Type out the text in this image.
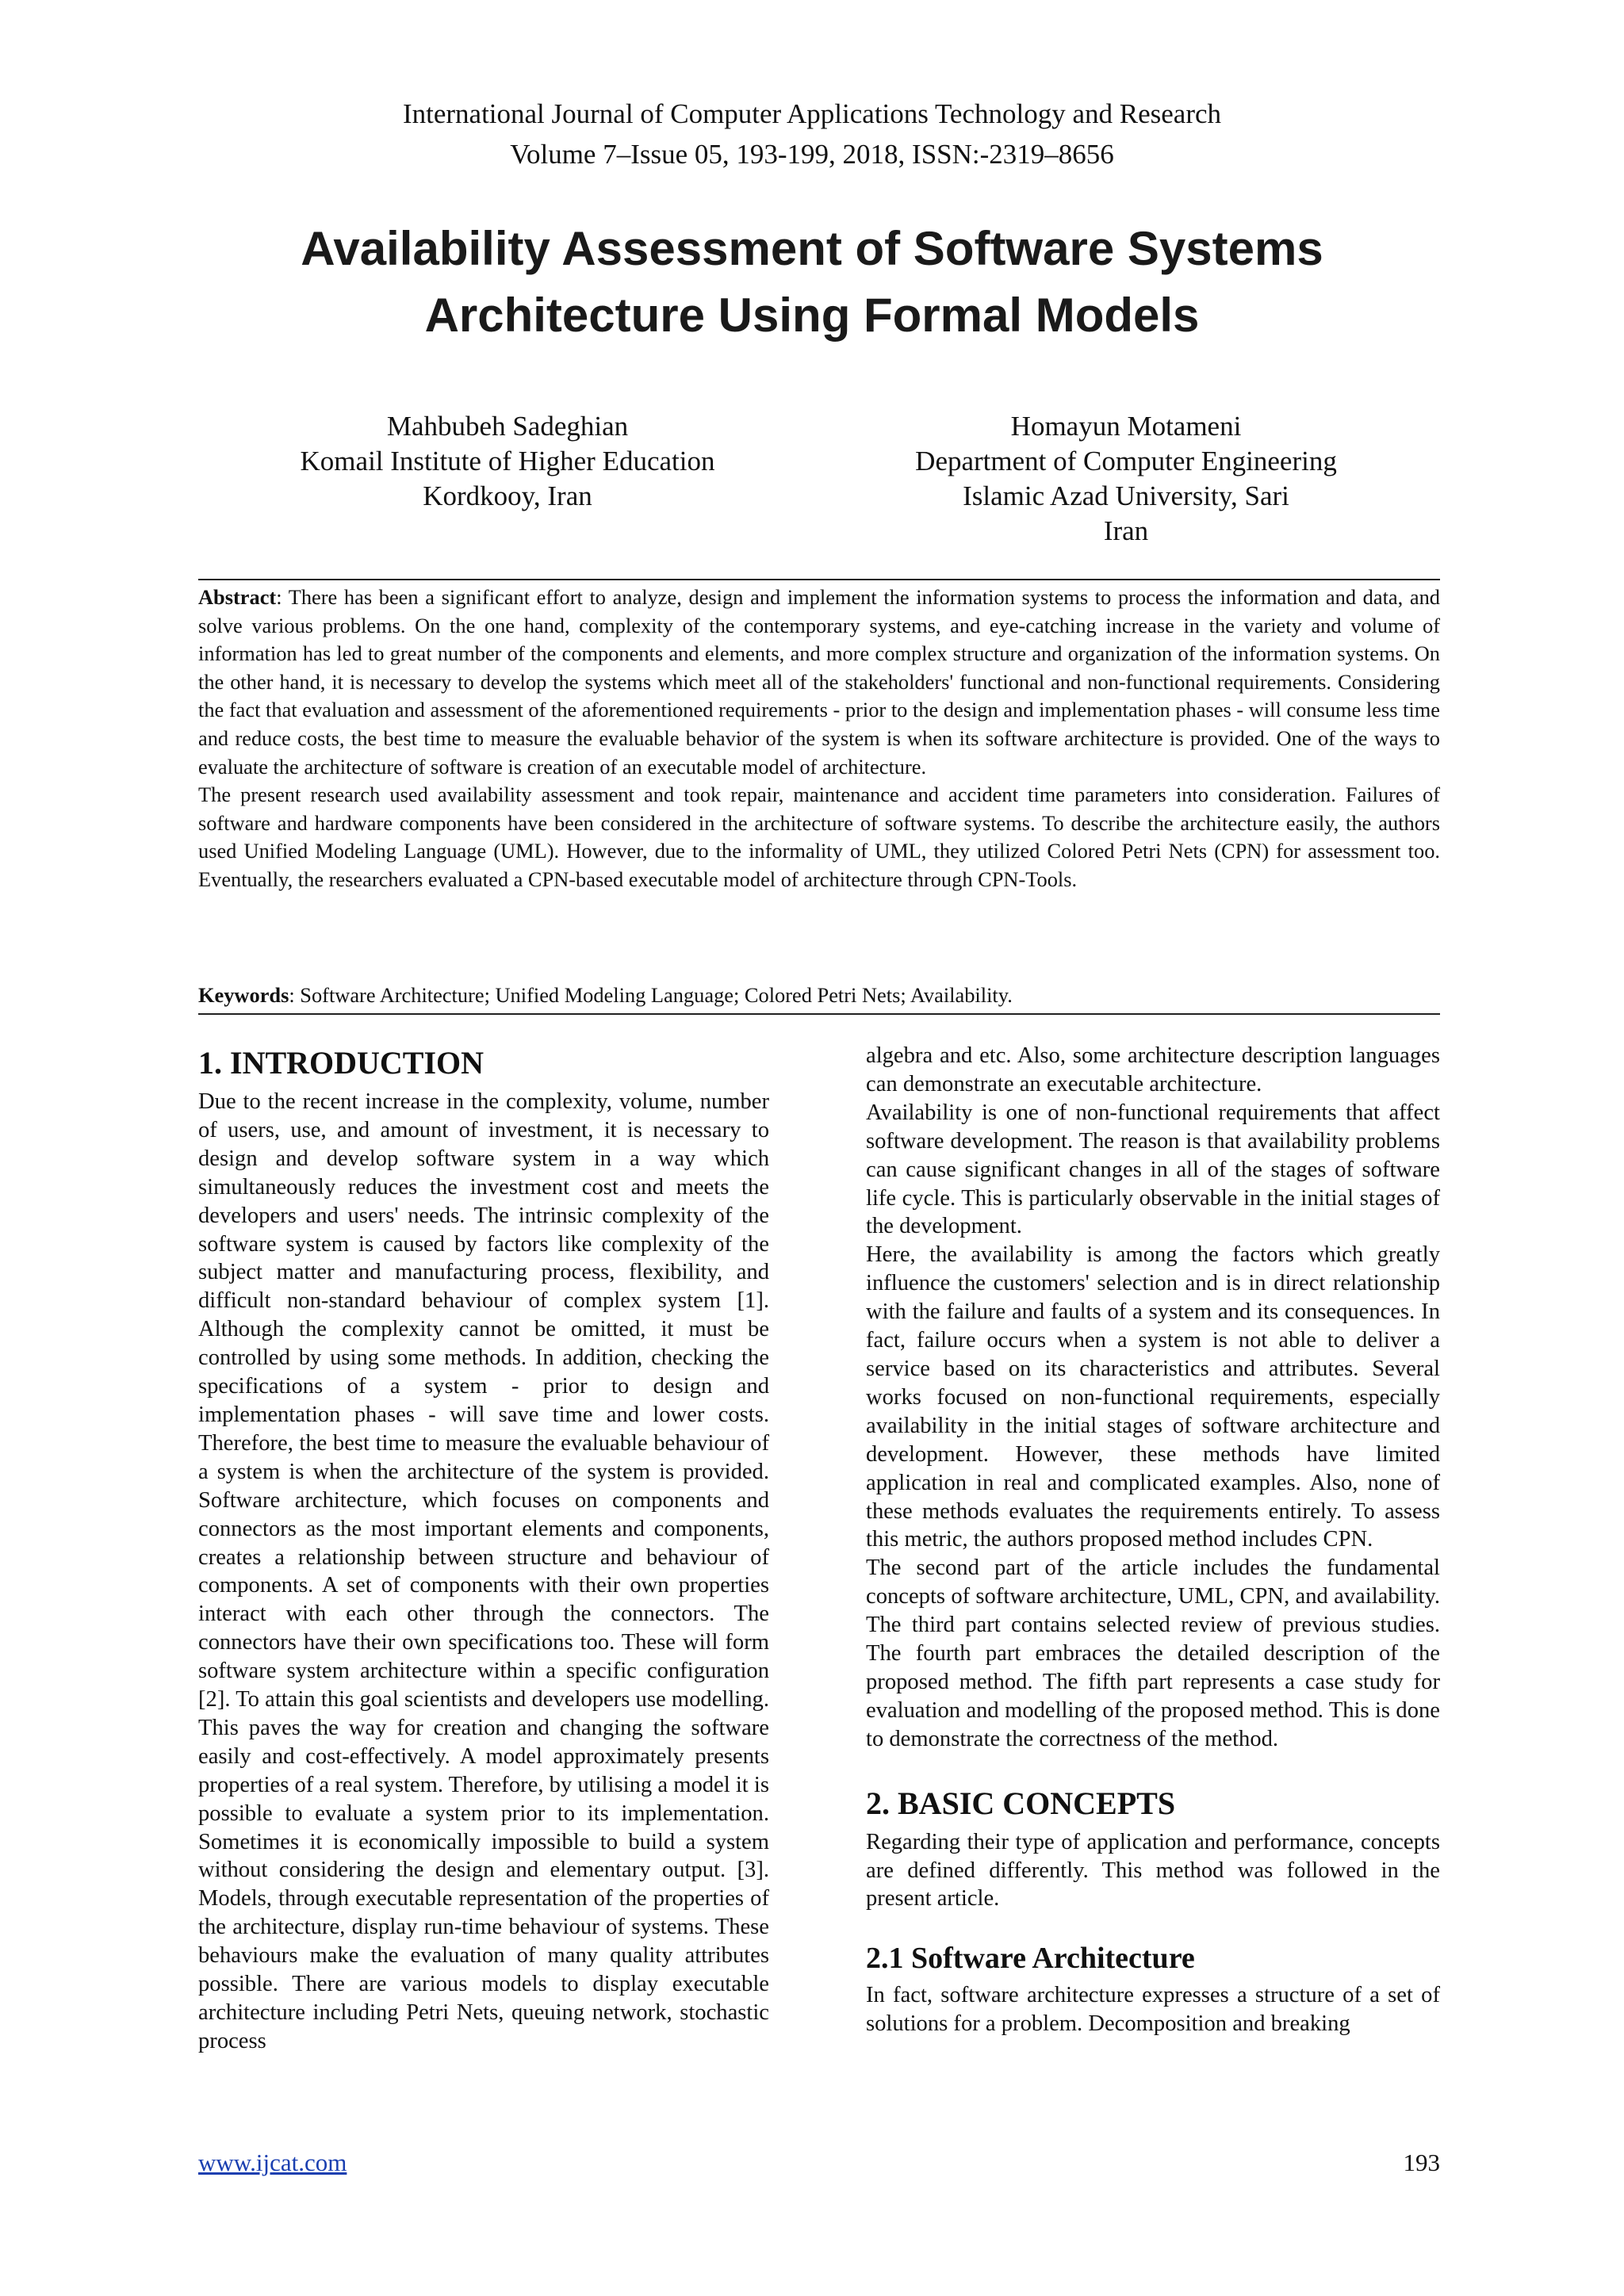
International Journal of Computer Applications Technology and Research
Volume 7–Issue 05, 193-199, 2018, ISSN:-2319–8656
Availability Assessment of Software Systems
Architecture Using Formal Models
Mahbubeh Sadeghian
Komail Institute of Higher Education
Kordkooy, Iran
Homayun Motameni
Department of Computer Engineering
Islamic Azad University, Sari
Iran

Abstract: There has been a significant effort to analyze, design and implement the information systems to process the information and data, and solve various problems. On the one hand, complexity of the contemporary systems, and eye-catching increase in the variety and volume of information has led to great number of the components and elements, and more complex structure and organization of the information systems. On the other hand, it is necessary to develop the systems which meet all of the stakeholders' functional and non-functional requirements. Considering the fact that evaluation and assessment of the aforementioned requirements - prior to the design and implementation phases - will consume less time and reduce costs, the best time to measure the evaluable behavior of the system is when its software architecture is provided. One of the ways to evaluate the architecture of software is creation of an executable model of architecture.

The present research used availability assessment and took repair, maintenance and accident time parameters into consideration. Failures of software and hardware components have been considered in the architecture of software systems. To describe the architecture easily, the authors used Unified Modeling Language (UML). However, due to the informality of UML, they utilized Colored Petri Nets (CPN) for assessment too. Eventually, the researchers evaluated a CPN-based executable model of architecture through CPN-Tools.

Keywords: Software Architecture; Unified Modeling Language; Colored Petri Nets; Availability.
1. INTRODUCTION

Due to the recent increase in the complexity, volume, number of users, use, and amount of investment, it is necessary to design and develop software system in a way which simultaneously reduces the investment cost and meets the developers and users' needs. The intrinsic complexity of the software system is caused by factors like complexity of the subject matter and manufacturing process, flexibility, and difficult non-standard behaviour of complex system [1]. Although the complexity cannot be omitted, it must be controlled by using some methods. In addition, checking the specifications of a system - prior to design and implementation phases - will save time and lower costs. Therefore, the best time to measure the evaluable behaviour of a system is when the architecture of the system is provided. Software architecture, which focuses on components and connectors as the most important elements and components, creates a relationship between structure and behaviour of components. A set of components with their own properties interact with each other through the connectors. The connectors have their own specifications too. These will form software system architecture within a specific configuration [2]. To attain this goal scientists and developers use modelling. This paves the way for creation and changing the software easily and cost-effectively. A model approximately presents properties of a real system. Therefore, by utilising a model it is possible to evaluate a system prior to its implementation. Sometimes it is economically impossible to build a system without considering the design and elementary output. [3]. Models, through executable representation of the properties of the architecture, display run-time behaviour of systems. These behaviours make the evaluation of many quality attributes possible. There are various models to display executable architecture including Petri Nets, queuing network, stochastic process

algebra and etc. Also, some architecture description languages can demonstrate an executable architecture.

Availability is one of non-functional requirements that affect software development. The reason is that availability problems can cause significant changes in all of the stages of software life cycle. This is particularly observable in the initial stages of the development.

Here, the availability is among the factors which greatly influence the customers' selection and is in direct relationship with the failure and faults of a system and its consequences. In fact, failure occurs when a system is not able to deliver a service based on its characteristics and attributes. Several works focused on non-functional requirements, especially availability in the initial stages of software architecture and development. However, these methods have limited application in real and complicated examples. Also, none of these methods evaluates the requirements entirely. To assess this metric, the authors proposed method includes CPN.

The second part of the article includes the fundamental concepts of software architecture, UML, CPN, and availability. The third part contains selected review of previous studies. The fourth part embraces the detailed description of the proposed method. The fifth part represents a case study for evaluation and modelling of the proposed method. This is done to demonstrate the correctness of the method.

2. BASIC CONCEPTS

Regarding their type of application and performance, concepts are defined differently. This method was followed in the present article.

2.1 Software Architecture

In fact, software architecture expresses a structure of a set of solutions for a problem. Decomposition and breaking

www.ijcat.com	193
